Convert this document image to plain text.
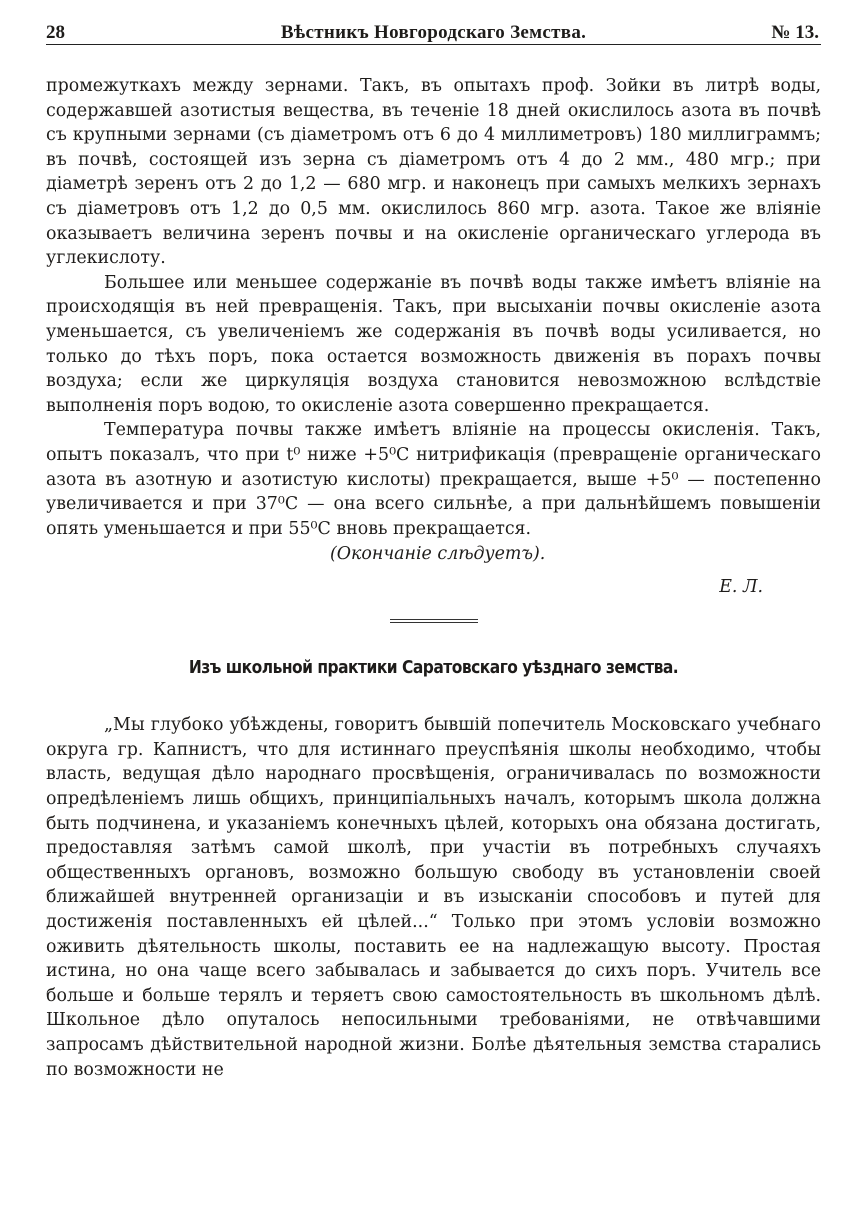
28	Вѣстникъ Новгородскаго Земства.	№ 13.

промежуткахъ между зернами. Такъ, въ опытахъ проф. Зойки въ литрѣ воды, содержавшей азотистыя вещества, въ теченіе 18 дней окислилось азота въ почвѣ съ крупными зернами (съ діаметромъ отъ 6 до 4 миллиметровъ) 180 миллиграммъ; въ почвѣ, состоящей изъ зерна съ діаметромъ отъ 4 до 2 мм., 480 мгр.; при діаметрѣ зеренъ отъ 2 до 1,2 — 680 мгр. и наконецъ при самыхъ мелкихъ зернахъ съ діаметровъ отъ 1,2 до 0,5 мм. окислилось 860 мгр. азота. Такое же вліяніе оказываетъ величина зеренъ почвы и на окисленіе органическаго углерода въ углекислоту.

Большее или меньшее содержаніе въ почвѣ воды также имѣетъ вліяніе на происходящія въ ней превращенія. Такъ, при высыханіи почвы окисленіе азота уменьшается, съ увеличеніемъ же содержанія въ почвѣ воды усиливается, но только до тѣхъ поръ, пока остается возможность движенія въ порахъ почвы воздуха; если же циркуляція воздуха становится невозможною вслѣдствіе выполненія поръ водою, то окисленіе азота совершенно прекращается.

Температура почвы также имѣетъ вліяніе на процессы окисленія. Такъ, опытъ показалъ, что при t⁰ ниже +5⁰C нитрификація (превращеніе органическаго азота въ азотную и азотистую кислоты) прекращается, выше +5⁰ — постепенно увеличивается и при 37⁰C — она всего сильнѣе, а при дальнѣйшемъ повышеніи опять уменьшается и при 55⁰C вновь прекращается.

(Окончаніе слѣдуетъ).
Е. Л.
Изъ школьной практики Саратовскаго уѣзднаго земства.

„Мы глубоко убѣждены, говоритъ бывшій попечитель Московскаго учебнаго округа гр. Капнистъ, что для истиннаго преуспѣянія школы необходимо, чтобы власть, ведущая дѣло народнаго просвѣщенія, ограничивалась по возможности опредѣленіемъ лишь общихъ, принципіальныхъ началъ, которымъ школа должна быть подчинена, и указаніемъ конечныхъ цѣлей, которыхъ она обязана достигать, предоставляя затѣмъ самой школѣ, при участіи въ потребныхъ случаяхъ общественныхъ органовъ, возможно большую свободу въ установленіи своей ближайшей внутренней организаціи и въ изысканіи способовъ и путей для достиженія поставленныхъ ей цѣлей...“ Только при этомъ условіи возможно оживить дѣятельность школы, поставить ее на надлежащую высоту. Простая истина, но она чаще всего забывалась и забывается до сихъ поръ. Учитель все больше и больше терялъ и теряетъ свою самостоятельность въ школьномъ дѣлѣ. Школьное дѣло опуталось непосильными требованіями, не отвѣчавшими запросамъ дѣйствительной народной жизни. Болѣе дѣятельныя земства старались по возможности не
